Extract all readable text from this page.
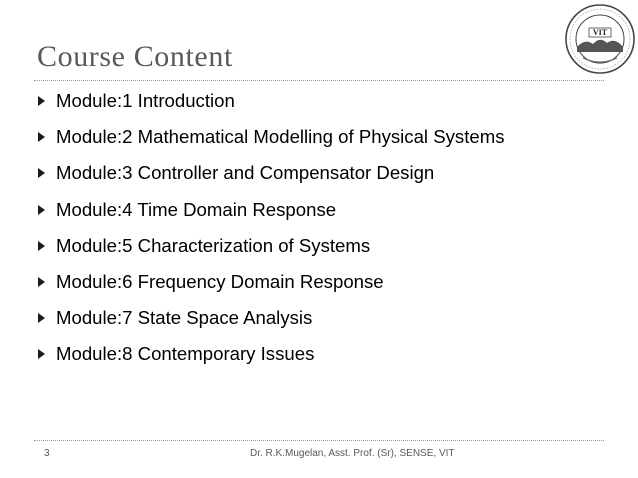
Course Content
VIT
Module:1 Introduction
Module:2 Mathematical Modelling of Physical Systems
Module:3 Controller and Compensator Design
Module:4 Time Domain Response
Module:5 Characterization of Systems
Module:6 Frequency Domain Response
Module:7 State Space Analysis
Module:8 Contemporary Issues
3	Dr. R.K.Mugelan, Asst. Prof. (Sr), SENSE, VIT
